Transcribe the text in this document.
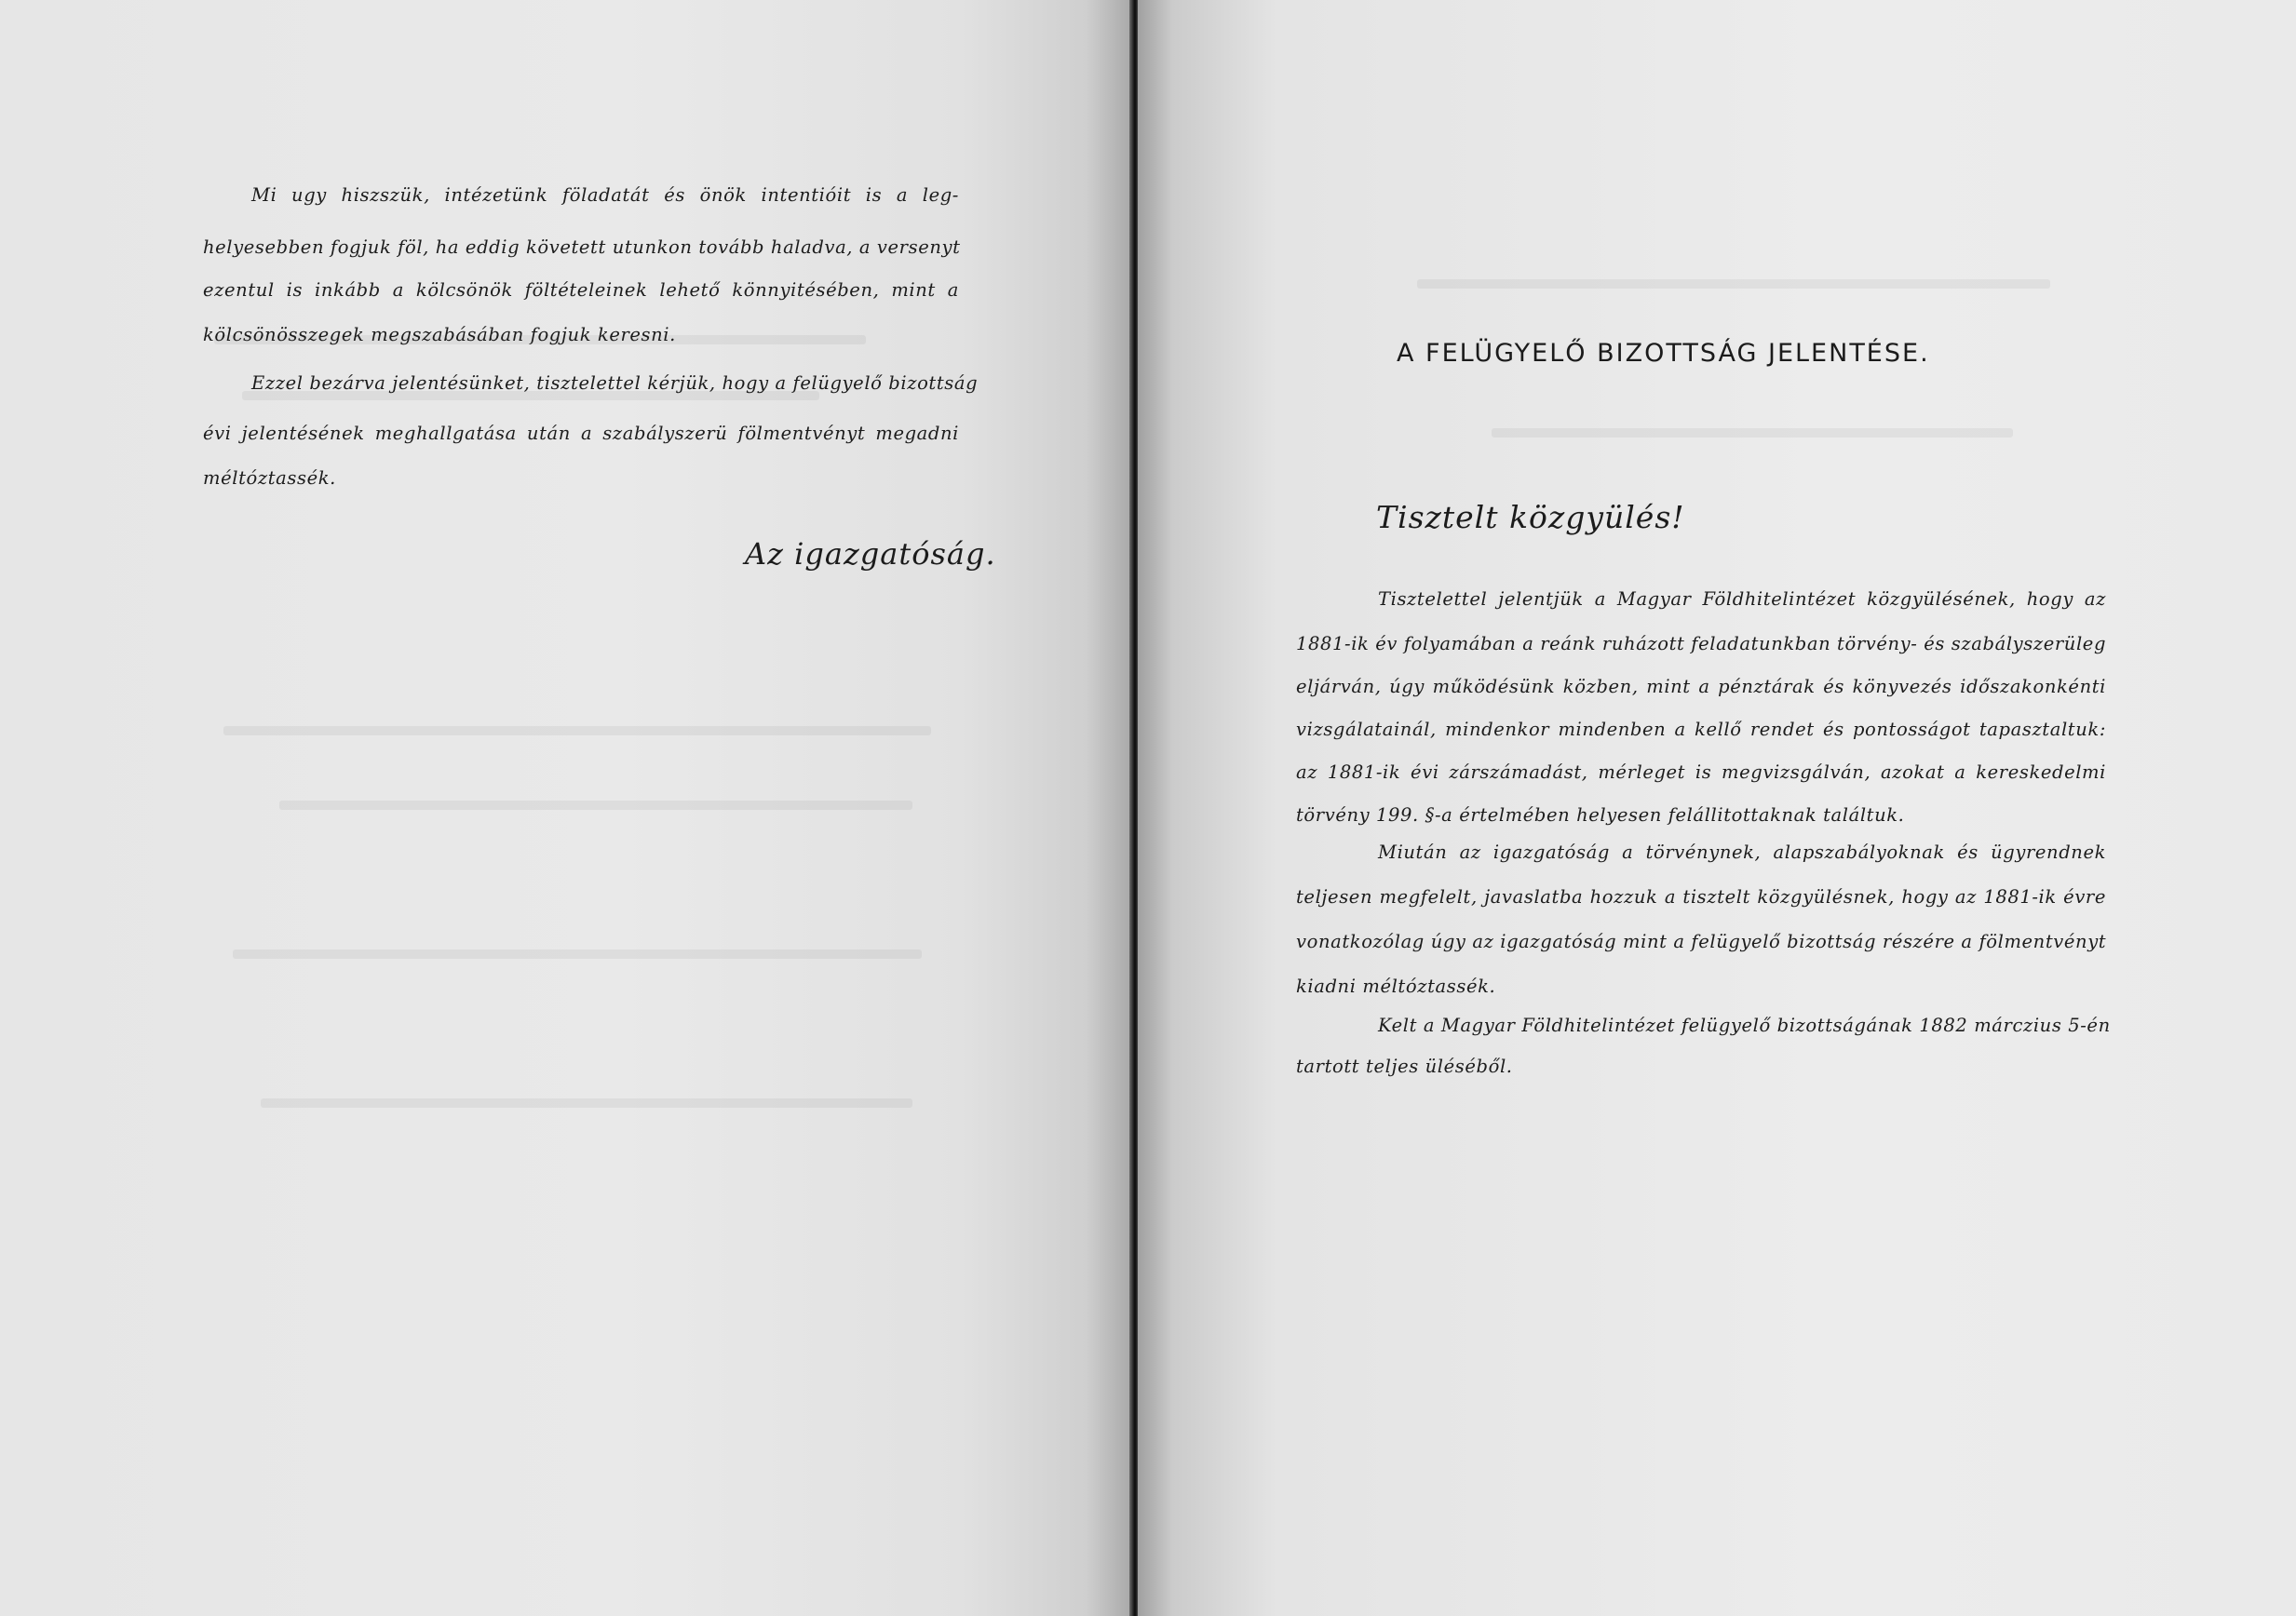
Mi ugy hiszszük, intézetünk föladatát és önök intentióit is a leg-
helyesebben fogjuk föl, ha eddig követett utunkon tovább haladva, a versenyt
ezentul is inkább a kölcsönök föltételeinek lehető könnyitésében, mint a
kölcsönösszegek megszabásában fogjuk keresni.
Ezzel bezárva jelentésünket, tisztelettel kérjük, hogy a felügyelő bizottság
évi jelentésének meghallgatása után a szabályszerü fölmentvényt megadni
méltóztassék.
Az igazgatóság.
A FELÜGYELŐ BIZOTTSÁG JELENTÉSE.
Tisztelt közgyülés!
Tisztelettel jelentjük a Magyar Földhitelintézet közgyülésének, hogy az
1881-ik év folyamában a reánk ruházott feladatunkban törvény- és szabályszerüleg
eljárván, úgy működésünk közben, mint a pénztárak és könyvezés időszakonkénti
vizsgálatainál, mindenkor mindenben a kellő rendet és pontosságot tapasztaltuk:
az 1881-ik évi zárszámadást, mérleget is megvizsgálván, azokat a kereskedelmi
törvény 199. §-a értelmében helyesen felállitottaknak találtuk.
Miután az igazgatóság a törvénynek, alapszabályoknak és ügyrendnek
teljesen megfelelt, javaslatba hozzuk a tisztelt közgyülésnek, hogy az 1881-ik évre
vonatkozólag úgy az igazgatóság mint a felügyelő bizottság részére a fölmentvényt
kiadni méltóztassék.
Kelt a Magyar Földhitelintézet felügyelő bizottságának 1882 márczius 5-én
tartott teljes üléséből.
